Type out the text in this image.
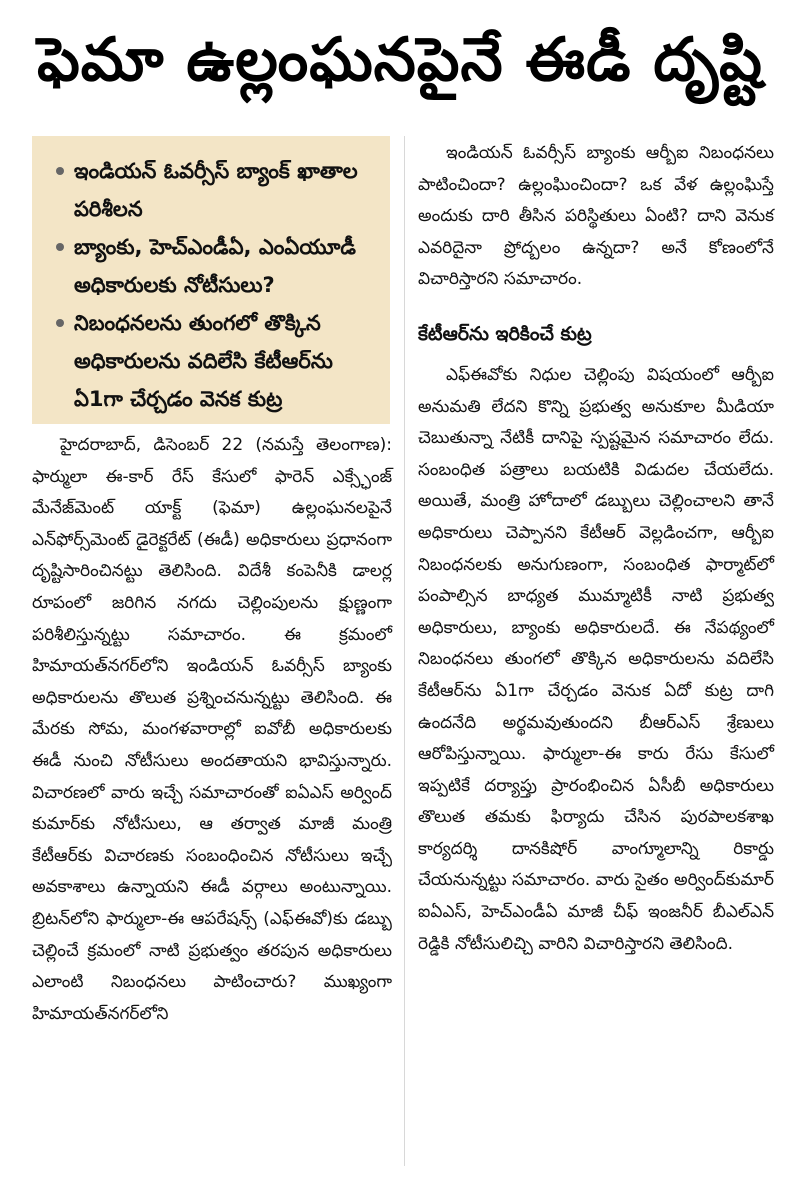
ఫెమా ఉల్లంఘనపైనే ఈడీ దృష్టి
ఇండియన్ ఓవర్సీస్ బ్యాంక్ ఖాతాల పరిశీలన
బ్యాంకు, హెచ్‌ఎండీఏ, ఎంఏయూడీ అధికారులకు నోటీసులు?
నిబంధనలను తుంగలో తొక్కిన అధికారులను వదిలేసి కేటీఆర్‌ను ఏ1గా చేర్చడం వెనక కుట్ర

హైదరాబాద్, డిసెంబర్ 22 (నమస్తే తెలంగాణ): ఫార్ములా ఈ-కార్ రేస్ కేసులో ఫారెన్ ఎక్స్ఛేంజ్ మేనేజ్‌మెంట్ యాక్ట్ (ఫెమా) ఉల్లంఘనలపైనే ఎన్‌ఫోర్స్‌మెంట్ డైరెక్టరేట్ (ఈడీ) అధికారులు ప్రధానంగా దృష్టిసారించినట్టు తెలిసింది. విదేశీ కంపెనీకి డాలర్ల రూపంలో జరిగిన నగదు చెల్లింపులను క్షుణ్ణంగా పరిశీలిస్తున్నట్టు సమాచారం. ఈ క్రమంలో హిమాయత్‌నగర్‌లోని ఇండియన్ ఓవర్సీస్ బ్యాంకు అధికారులను తొలుత ప్రశ్నించనున్నట్టు తెలిసింది. ఈ మేరకు సోమ, మంగళవారాల్లో ఐవోబీ అధికారులకు ఈడీ నుంచి నోటీసులు అందతాయని భావిస్తున్నారు. విచారణలో వారు ఇచ్చే సమాచారంతో ఐఏఎస్ అర్వింద్ కుమార్‌కు నోటీసులు, ఆ తర్వాత మాజీ మంత్రి కేటీఆర్‌కు విచారణకు సంబంధించిన నోటీసులు ఇచ్చే అవకాశాలు ఉన్నాయని ఈడీ వర్గాలు అంటున్నాయి. బ్రిటన్‌లోని ఫార్ములా-ఈ ఆపరేషన్స్ (ఎఫ్‌ఈవో)కు డబ్బు చెల్లించే క్రమంలో నాటి ప్రభుత్వం తరపున అధికారులు ఎలాంటి నిబంధనలు పాటించారు? ముఖ్యంగా హిమాయత్‌నగర్‌లోని

ఇండియన్ ఓవర్సీస్ బ్యాంకు ఆర్బీఐ నిబంధనలు పాటించిందా? ఉల్లంఘించిందా? ఒక వేళ ఉల్లంఘిస్తే అందుకు దారి తీసిన పరిస్థితులు ఏంటి? దాని వెనుక ఎవరిదైనా ప్రోద్బలం ఉన్నదా? అనే కోణంలోనే విచారిస్తారని సమాచారం.

కేటీఆర్‌ను ఇరికించే కుట్ర

ఎఫ్‌ఈవోకు నిధుల చెల్లింపు విషయంలో ఆర్బీఐ అనుమతి లేదని కొన్ని ప్రభుత్వ అనుకూల మీడియా చెబుతున్నా నేటికీ దానిపై స్పష్టమైన సమాచారం లేదు. సంబంధిత పత్రాలు బయటికి విడుదల చేయలేదు. అయితే, మంత్రి హోదాలో డబ్బులు చెల్లించాలని తానే అధికారులు చెప్పానని కేటీఆర్ వెల్లడించగా, ఆర్బీఐ నిబంధనలకు అనుగుణంగా, సంబంధిత ఫార్మాట్‌లో పంపాల్సిన బాధ్యత ముమ్మాటికీ నాటి ప్రభుత్వ అధికారులు, బ్యాంకు అధికారులదే. ఈ నేపథ్యంలో నిబంధనలు తుంగలో తొక్కిన అధికారులను వదిలేసి కేటీఆర్‌ను ఏ1గా చేర్చడం వెనుక ఏదో కుట్ర దాగి ఉందనేది అర్థమవుతుందని బీఆర్ఎస్ శ్రేణులు ఆరోపిస్తున్నాయి. ఫార్ములా-ఈ కారు రేసు కేసులో ఇప్పటికే దర్యాప్తు ప్రారంభించిన ఏసీబీ అధికారులు తొలుత తమకు ఫిర్యాదు చేసిన పురపాలకశాఖ కార్యదర్శి దానకిషోర్ వాంగ్మూలాన్ని రికార్డు చేయనున్నట్టు సమాచారం. వారు సైతం అర్వింద్‌కుమార్ ఐఏఎస్, హెచ్‌ఎండీఏ మాజీ చీఫ్ ఇంజనీర్ బీఎల్ఎన్ రెడ్డికి నోటీసులిచ్చి వారిని విచారిస్తారని తెలిసింది.
